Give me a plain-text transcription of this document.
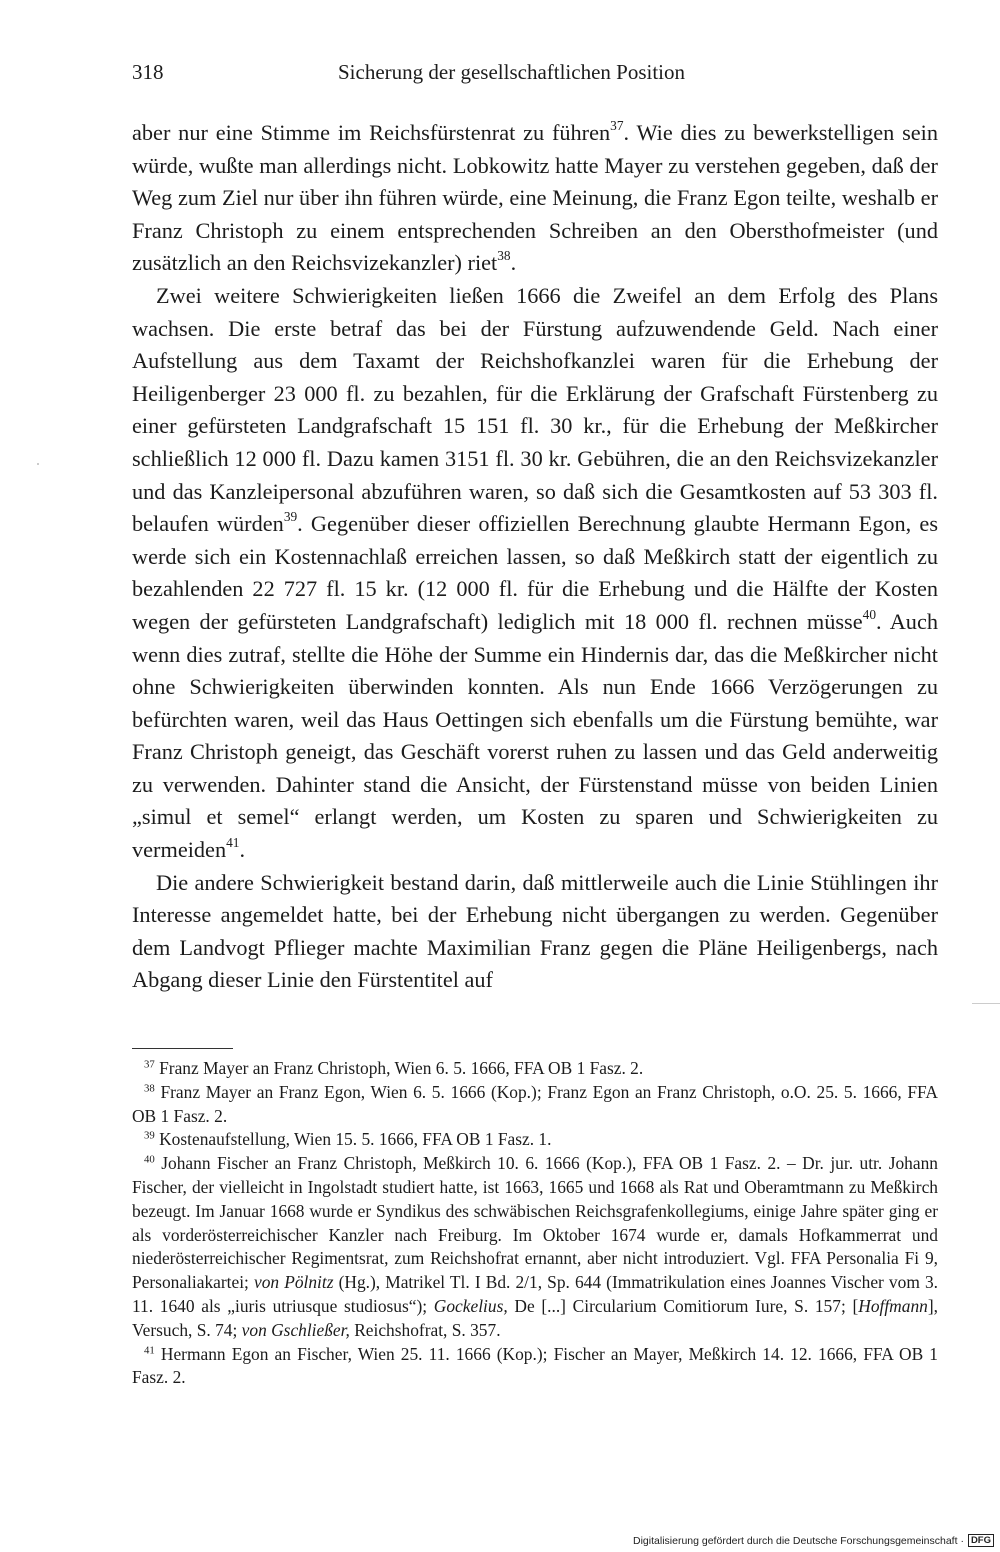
318	Sicherung der gesellschaftlichen Position

aber nur eine Stimme im Reichsfürstenrat zu führen$^{37}$. Wie dies zu bewerkstelligen sein würde, wußte man allerdings nicht. Lobkowitz hatte Mayer zu verstehen gegeben, daß der Weg zum Ziel nur über ihn führen würde, eine Meinung, die Franz Egon teilte, weshalb er Franz Christoph zu einem entsprechenden Schreiben an den Obersthofmeister (und zusätzlich an den Reichsvizekanzler) riet$^{38}$.

Zwei weitere Schwierigkeiten ließen 1666 die Zweifel an dem Erfolg des Plans wachsen. Die erste betraf das bei der Fürstung aufzuwendende Geld. Nach einer Aufstellung aus dem Taxamt der Reichshofkanzlei waren für die Erhebung der Heiligenberger 23 000 fl. zu bezahlen, für die Erklärung der Grafschaft Fürstenberg zu einer gefürsteten Landgrafschaft 15 151 fl. 30 kr., für die Erhebung der Meßkircher schließlich 12 000 fl. Dazu kamen 3151 fl. 30 kr. Gebühren, die an den Reichsvizekanzler und das Kanzleipersonal abzuführen waren, so daß sich die Gesamtkosten auf 53 303 fl. belaufen würden$^{39}$. Gegenüber dieser offiziellen Berechnung glaubte Hermann Egon, es werde sich ein Kostennachlaß erreichen lassen, so daß Meßkirch statt der eigentlich zu bezahlenden 22 727 fl. 15 kr. (12 000 fl. für die Erhebung und die Hälfte der Kosten wegen der gefürsteten Landgrafschaft) lediglich mit 18 000 fl. rechnen müsse$^{40}$. Auch wenn dies zutraf, stellte die Höhe der Summe ein Hindernis dar, das die Meßkircher nicht ohne Schwierigkeiten überwinden konnten. Als nun Ende 1666 Verzögerungen zu befürchten waren, weil das Haus Oettingen sich ebenfalls um die Fürstung bemühte, war Franz Christoph geneigt, das Geschäft vorerst ruhen zu lassen und das Geld anderweitig zu verwenden. Dahinter stand die Ansicht, der Fürstenstand müsse von beiden Linien „simul et semel“ erlangt werden, um Kosten zu sparen und Schwierigkeiten zu vermeiden$^{41}$.

Die andere Schwierigkeit bestand darin, daß mittlerweile auch die Linie Stühlingen ihr Interesse angemeldet hatte, bei der Erhebung nicht übergangen zu werden. Gegenüber dem Landvogt Pflieger machte Maximilian Franz gegen die Pläne Heiligenbergs, nach Abgang dieser Linie den Fürstentitel auf

$^{37}$ Franz Mayer an Franz Christoph, Wien 6. 5. 1666, FFA OB 1 Fasz. 2.

$^{38}$ Franz Mayer an Franz Egon, Wien 6. 5. 1666 (Kop.); Franz Egon an Franz Christoph, o.O. 25. 5. 1666, FFA OB 1 Fasz. 2.

$^{39}$ Kostenaufstellung, Wien 15. 5. 1666, FFA OB 1 Fasz. 1.

$^{40}$ Johann Fischer an Franz Christoph, Meßkirch 10. 6. 1666 (Kop.), FFA OB 1 Fasz. 2. – Dr. jur. utr. Johann Fischer, der vielleicht in Ingolstadt studiert hatte, ist 1663, 1665 und 1668 als Rat und Oberamtmann zu Meßkirch bezeugt. Im Januar 1668 wurde er Syndikus des schwäbischen Reichsgrafenkollegiums, einige Jahre später ging er als vorderösterreichischer Kanzler nach Freiburg. Im Oktober 1674 wurde er, damals Hofkammerrat und niederösterreichischer Regimentsrat, zum Reichshofrat ernannt, aber nicht introduziert. Vgl. FFA Personalia Fi 9, Personaliakartei; von Pölnitz (Hg.), Matrikel Tl. I Bd. 2/1, Sp. 644 (Immatrikulation eines Joannes Vischer vom 3. 11. 1640 als „iuris utriusque studiosus“); Gockelius, De [...] Circularium Comitiorum Iure, S. 157; [Hoffmann], Versuch, S. 74; von Gschließer, Reichshofrat, S. 357.

$^{41}$ Hermann Egon an Fischer, Wien 25. 11. 1666 (Kop.); Fischer an Mayer, Meßkirch 14. 12. 1666, FFA OB 1 Fasz. 2.

Digitalisierung gefördert durch die Deutsche Forschungsgemeinschaft · DFG
